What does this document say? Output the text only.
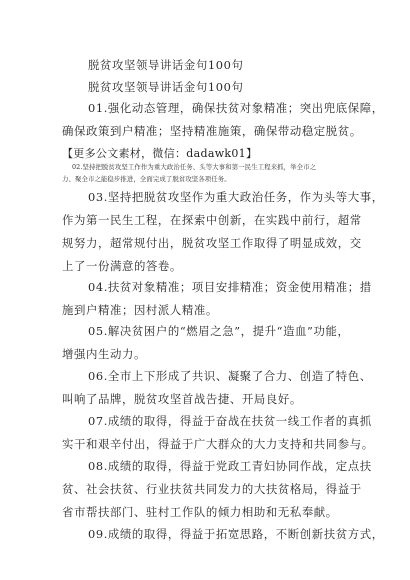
脱贫攻坚领导讲话金句100句
脱贫攻坚领导讲话金句100句
01.强化动态管理，确保扶贫对象精准；突出兜底保障，
确保政策到户精准；坚持精准施策，确保带动稳定脱贫。
【更多公文素材，微信：dadawk01】
02.坚持把脱贫攻坚工作作为重大政治任务、头等大事和第一民生工程来抓，举全市之
力、聚全市之能稳步推进，全面完成了脱贫攻坚各项任务。
03.坚持把脱贫攻坚作为重大政治任务，作为头等大事，
作为第一民生工程，在探索中创新，在实践中前行，超常
规努力，超常规付出，脱贫攻坚工作取得了明显成效，交
上了一份满意的答卷。
04.扶贫对象精准；项目安排精准；资金使用精准；措
施到户精准；因村派人精准。
05.解决贫困户的“燃眉之急”，提升“造血”功能，
增强内生动力。
06.全市上下形成了共识、凝聚了合力、创造了特色、
叫响了品牌，脱贫攻坚首战告捷、开局良好。
07.成绩的取得，得益于奋战在扶贫一线工作者的真抓
实干和艰辛付出，得益于广大群众的大力支持和共同参与。
08.成绩的取得，得益于党政工青妇协同作战，定点扶
贫、社会扶贫、行业扶贫共同发力的大扶贫格局，得益于
省市帮扶部门、驻村工作队的倾力相助和无私奉献。
09.成绩的取得，得益于拓宽思路，不断创新扶贫方式，
